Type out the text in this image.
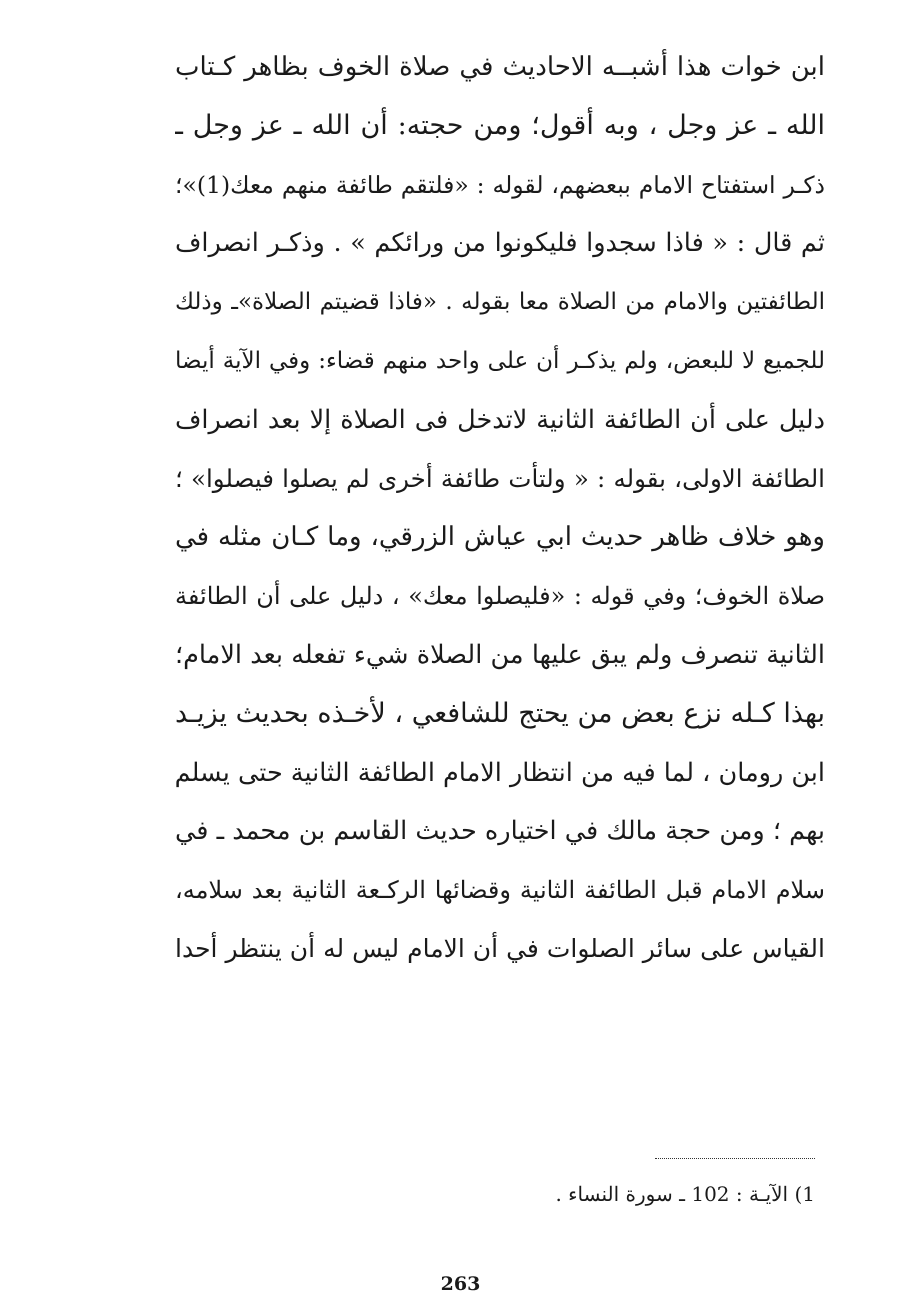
ابن خوات هذا أشبــه الاحاديث في صلاة الخوف بظاهر كـتاب
الله ـ عز وجل ، وبه أقول؛ ومن حجته: أن الله ـ عز وجل ـ
ذكـر استفتاح الامام ببعضهم، لقوله : «فلتقم طائفة منهم معك(1)»؛
ثم قال : « فاذا سجدوا فليكونوا من ورائكم » . وذكـر انصراف
الطائفتين والامام من الصلاة معا بقوله . «فاذا قضيتم الصلاة»ـ وذلك
للجميع لا للبعض، ولم يذكـر أن على واحد منهم قضاء: وفي الآية أيضا
دليل على أن الطائفة الثانية لاتدخل فى الصلاة إلا بعد انصراف
الطائفة الاولى، بقوله : « ولتأت طائفة أخرى لم يصلوا فيصلوا» ؛
وهو خلاف ظاهر حديث ابي عياش الزرقي، وما كـان مثله في
صلاة الخوف؛ وفي قوله : «فليصلوا معك» ، دليل على أن الطائفة
الثانية تنصرف ولم يبق عليها من الصلاة شيء تفعله بعد الامام؛
بهذا كـله نزع بعض من يحتج للشافعي ، لأخـذه بحديث يزيـد
ابن رومان ، لما فيه من انتظار الامام الطائفة الثانية حتى يسلم
بهم ؛ ومن حجة مالك في اختياره حديث القاسم بن محمد ـ في
سلام الامام قبل الطائفة الثانية وقضائها الركـعة الثانية بعد سلامه،
القياس على سائر الصلوات في أن الامام ليس له أن ينتظر أحدا
1) الآيـة : 102 ـ سورة النساء .
263
